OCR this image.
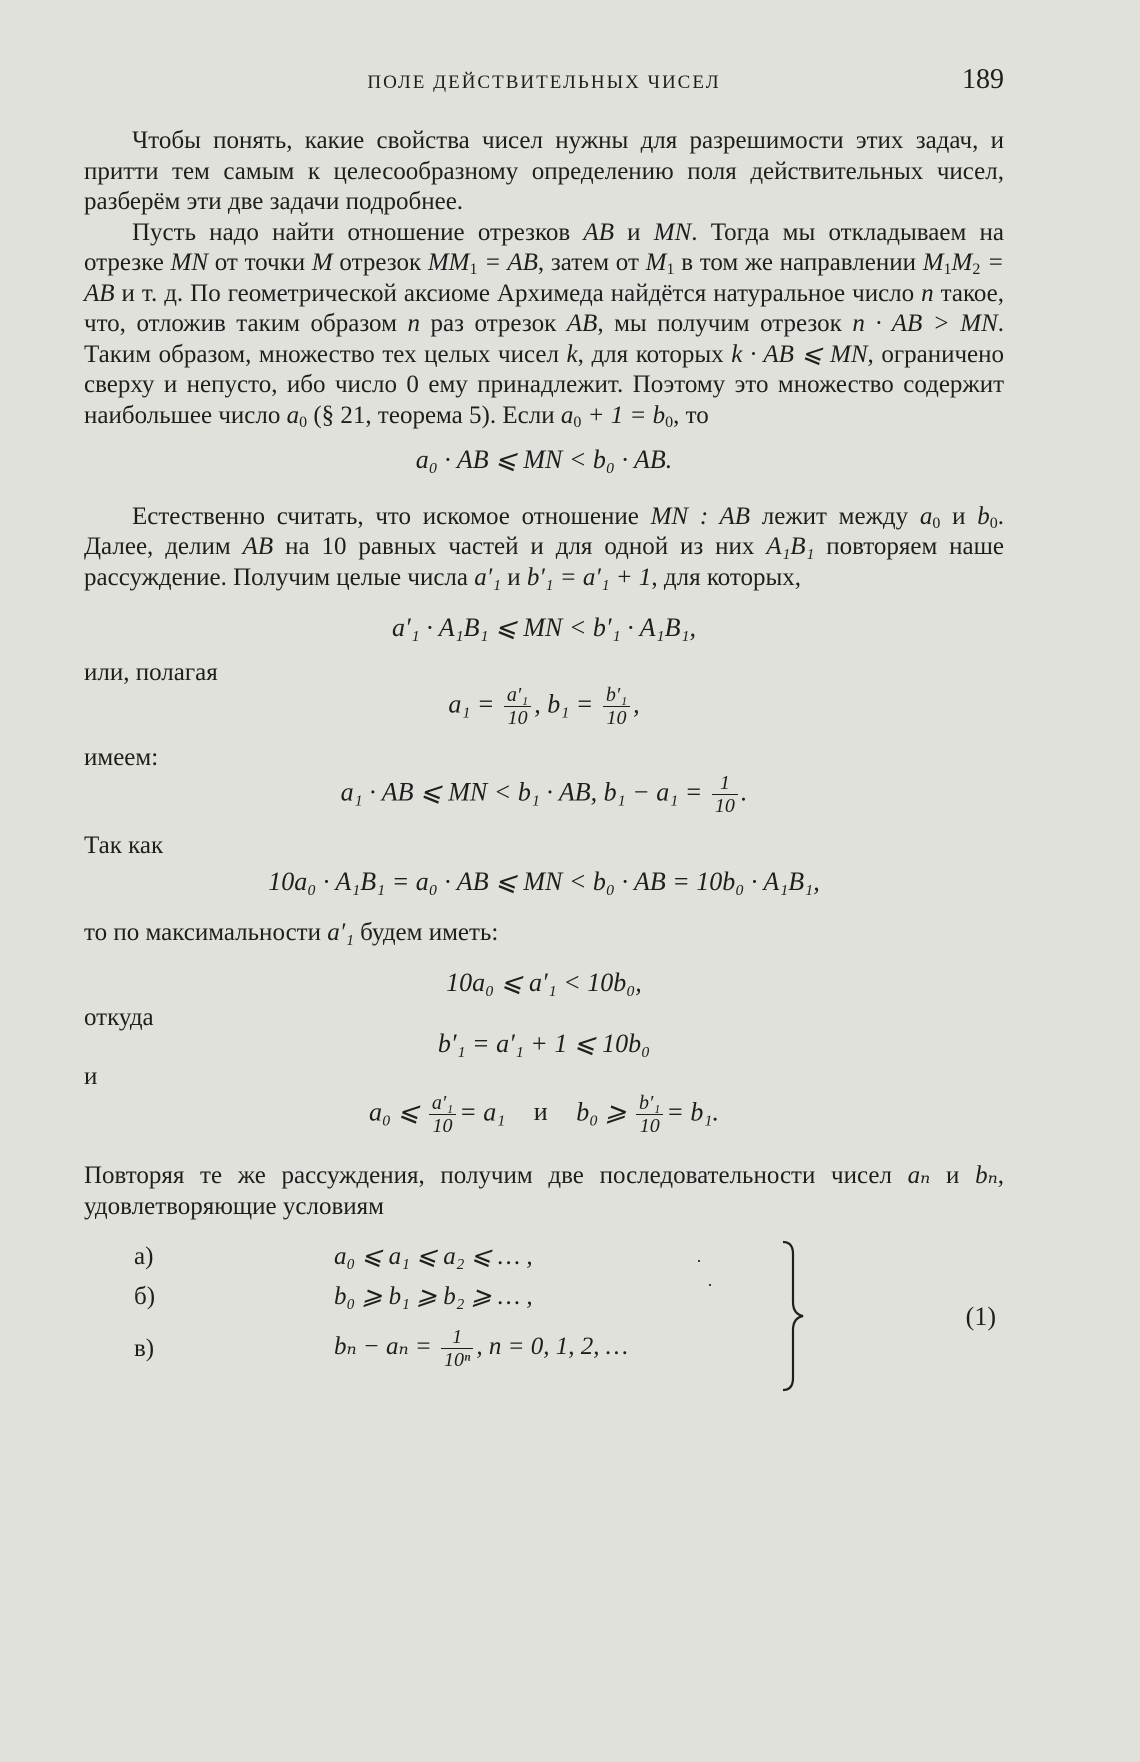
ПОЛЕ ДЕЙСТВИТЕЛЬНЫХ ЧИСЕЛ	189

Чтобы понять, какие свойства чисел нужны для разрешимости этих задач, и притти тем самым к целесообразному определению поля действительных чисел, разберём эти две задачи подробнее.

Пусть надо найти отношение отрезков AB и MN. Тогда мы откладываем на отрезке MN от точки M отрезок $MM_1$ = AB, затем от $M_1$ в том же направлении $M_1M_2$ = AB и т. д. По геометрической аксиоме Архимеда найдётся натуральное число n такое, что, отложив таким образом n раз отрезок AB, мы получим отрезок n · AB > MN. Таким образом, множество тех целых чисел k, для которых k · AB ⩽ MN, ограничено сверху и непусто, ибо число 0 ему принадлежит. Поэтому это множество содержит наибольшее число $a_0$ (§ 21, теорема 5). Если $a_0 + 1 = b_0$, то

a₀ · AB ⩽ MN < b₀ · AB.

Естественно считать, что искомое отношение MN : AB лежит между $a_0$ и $b_0$. Далее, делим AB на 10 равных частей и для одной из них A₁B₁ повторяем наше рассуждение. Получим целые числа a′₁ и b′₁ = a′₁ + 1, для которых,

a′₁ · A₁B₁ ⩽ MN < b′₁ · A₁B₁,

или, полагая

$a_1 = \frac{\text{a′₁}}{10}$ , $b_1 = \frac{\text{b′₁}}{10}$ ,

имеем:

a₁ · AB ⩽ MN < b₁ · AB, $b_1 - a_1 = \frac{1}{10}$ .

Так как

10a₀ · A₁B₁ = a₀ · AB ⩽ MN < b₀ · AB = 10b₀ · A₁B₁,

то по максимальности a′₁ будем иметь:

10a₀ ⩽ a′₁ < 10b₀,

откуда

b′₁ = a′₁ + 1 ⩽ 10b₀

и

a₀ ⩽ $\frac{\text{a′₁}}{10} = a_1$ и b₀ ⩾ $\frac{\text{b′₁}}{10} = b_1$.

Повторяя те же рассуждения, получим две последовательности чисел aₙ и bₙ, удовлетворяющие условиям

а)	a₀ ⩽ a₁ ⩽ a₂ ⩽ … ,
б)	b₀ ⩾ b₁ ⩾ b₂ ⩾ … ,
в)	$b_n - a_n = \frac{1}{\text{10ⁿ}}$ , n = 0, 1, 2, …
·
·
(1)
